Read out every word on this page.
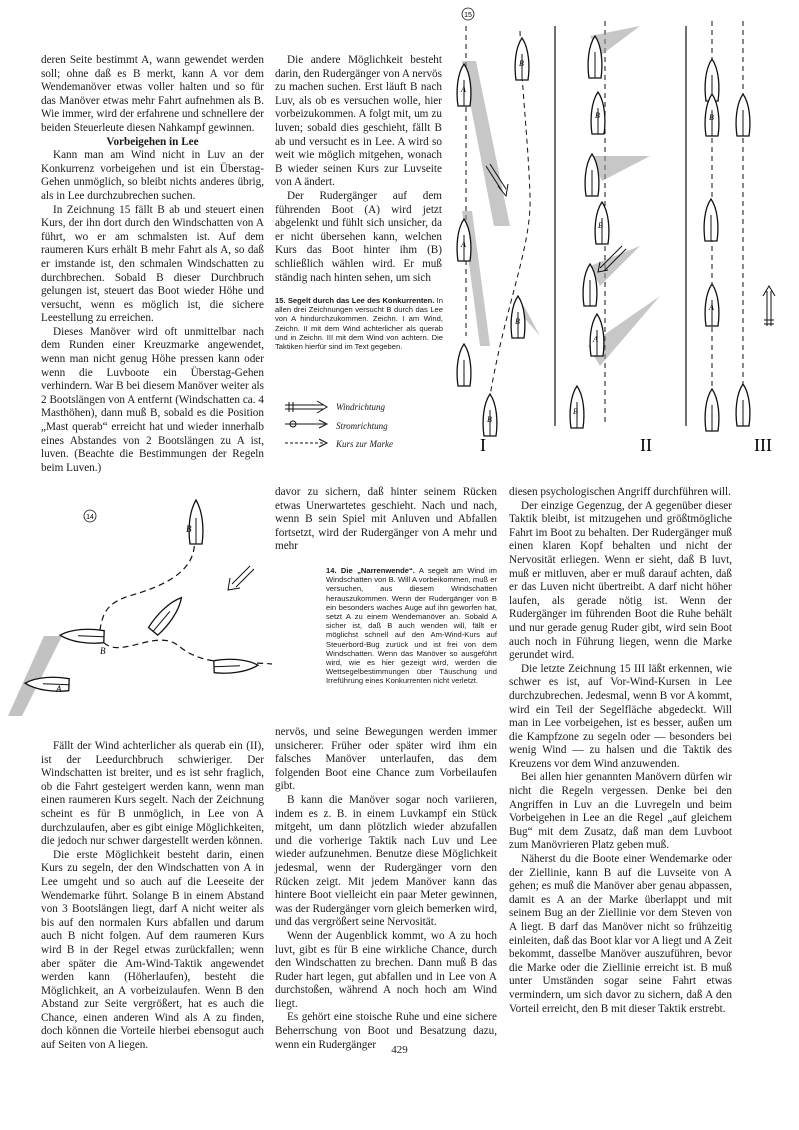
deren Seite bestimmt A, wann gewendet werden soll; ohne daß es B merkt, kann A vor dem Wendemanöver etwas voller halten und so für das Manöver etwas mehr Fahrt aufnehmen als B. Wie immer, wird der erfahrene und schnellere der beiden Steuerleute diesen Nahkampf gewinnen.

Vorbeigehen in Lee

Kann man am Wind nicht in Luv an der Konkurrenz vorbeigehen und ist ein Überstag-Gehen unmöglich, so bleibt nichts anderes übrig, als in Lee durchzubrechen suchen.

In Zeichnung 15 fällt B ab und steuert einen Kurs, der ihn dort durch den Windschatten von A führt, wo er am schmalsten ist. Auf dem raumeren Kurs erhält B mehr Fahrt als A, so daß er imstande ist, den schmalen Windschatten zu durchbrechen. Sobald B dieser Durchbruch gelungen ist, steuert das Boot wieder Höhe und versucht, wenn es möglich ist, die sichere Leestellung zu erreichen.

Dieses Manöver wird oft unmittelbar nach dem Runden einer Kreuzmarke angewendet, wenn man nicht genug Höhe pressen kann oder wenn die Luvboote ein Überstag-Gehen verhindern. War B bei diesem Manöver weiter als 2 Bootslängen von A entfernt (Windschatten ca. 4 Masthöhen), dann muß B, sobald es die Position „Mast querab“ erreicht hat und wieder innerhalb eines Abstandes von 2 Bootslängen zu A ist, luven. (Beachte die Bestimmungen der Regeln beim Luven.)

Die andere Möglichkeit besteht darin, den Rudergänger von A nervös zu machen suchen. Erst läuft B nach Luv, als ob es versuchen wolle, hier vorbeizukommen. A folgt mit, um zu luven; sobald dies geschieht, fällt B ab und versucht es in Lee. A wird so weit wie möglich mitgehen, wonach B wieder seinen Kurs zur Luvseite von A ändert.

Der Rudergänger auf dem führenden Boot (A) wird jetzt abgelenkt und fühlt sich unsicher, da er nicht übersehen kann, welchen Kurs das Boot hinter ihm (B) schließlich wählen wird. Er muß ständig nach hinten sehen, um sich

15. Segelt durch das Lee des Konkurrenten. In allen drei Zeichnungen versucht B durch das Lee von A hindurchzukommen. Zeichn. I am Wind, Zeichn. II mit dem Wind achterlicher als querab und in Zeichn. III mit dem Wind von achtern. Die Taktiken hierfür sind im Text gegeben.
Windrichtung
Stromrichtung
Kurs zur Marke
15
A
B
A
B
B
I
B
B
A
B
II
B
A
III
14
B
B
A

davor zu sichern, daß hinter seinem Rücken etwas Unerwartetes geschieht. Nach und nach, wenn B sein Spiel mit Anluven und Abfallen fortsetzt, wird der Rudergänger von A mehr und mehr

14. Die „Narrenwende“. A segelt am Wind im Windschatten von B. Will A vorbeikommen, muß er versuchen, aus diesem Windschatten herauszukommen. Wenn der Rudergänger von B ein besonders waches Auge auf ihn geworfen hat, setzt A zu einem Wendemanöver an. Sobald A sicher ist, daß B auch wenden will, fällt er möglichst schnell auf den Am-Wind-Kurs auf Steuerbord-Bug zurück und ist frei von dem Windschatten. Wenn das Manöver so ausgeführt wird, wie es hier gezeigt wird, werden die Wettsegelbestimmungen über Täuschung und Irreführung eines Konkurrenten nicht verletzt.

diesen psychologischen Angriff durchführen will.

Der einzige Gegenzug, der A gegenüber dieser Taktik bleibt, ist mitzugehen und größtmögliche Fahrt im Boot zu behalten. Der Rudergänger muß einen klaren Kopf behalten und nicht der Nervosität erliegen. Wenn er sieht, daß B luvt, muß er mitluven, aber er muß darauf achten, daß er das Luven nicht übertreibt. A darf nicht höher laufen, als gerade nötig ist. Wenn der Rudergänger im führenden Boot die Ruhe behält und nur gerade genug Ruder gibt, wird sein Boot auch noch in Führung liegen, wenn die Marke gerundet wird.

Die letzte Zeichnung 15 III läßt erkennen, wie schwer es ist, auf Vor-Wind-Kursen in Lee durchzubrechen. Jedesmal, wenn B vor A kommt, wird ein Teil der Segelfläche abgedeckt. Will man in Lee vorbeigehen, ist es besser, außen um die Kampfzone zu segeln oder — besonders bei wenig Wind — zu halsen und die Taktik des Kreuzens vor dem Wind anzuwenden.

Bei allen hier genannten Manövern dürfen wir nicht die Regeln vergessen. Denke bei den Angriffen in Luv an die Luvregeln und beim Vorbeigehen in Lee an die Regel „auf gleichem Bug“ mit dem Zusatz, daß man dem Luvboot zum Manövrieren Platz geben muß.

Näherst du die Boote einer Wendemarke oder der Ziellinie, kann B auf die Luvseite von A gehen; es muß die Manöver aber genau abpassen, damit es A an der Marke überlappt und mit seinem Bug an der Ziellinie vor dem Steven von A liegt. B darf das Manöver nicht so frühzeitig einleiten, daß das Boot klar vor A liegt und A Zeit bekommt, dasselbe Manöver auszuführen, bevor die Marke oder die Ziellinie erreicht ist. B muß unter Umständen sogar seine Fahrt etwas vermindern, um sich davor zu sichern, daß A den Vorteil erreicht, den B mit dieser Taktik erstrebt.

Fällt der Wind achterlicher als querab ein (II), ist der Leedurchbruch schwieriger. Der Windschatten ist breiter, und es ist sehr fraglich, ob die Fahrt gesteigert werden kann, wenn man einen raumeren Kurs segelt. Nach der Zeichnung scheint es für B unmöglich, in Lee von A durchzulaufen, aber es gibt einige Möglichkeiten, die jedoch nur schwer dargestellt werden können.

Die erste Möglichkeit besteht darin, einen Kurs zu segeln, der den Windschatten von A in Lee umgeht und so auch auf die Leeseite der Wendemarke führt. Solange B in einem Abstand von 3 Bootslängen liegt, darf A nicht weiter als bis auf den normalen Kurs abfallen und darum auch B nicht folgen. Auf dem raumeren Kurs wird B in der Regel etwas zurückfallen; wenn aber später die Am-Wind-Taktik angewendet werden kann (Höherlaufen), besteht die Möglichkeit, an A vorbeizulaufen. Wenn B den Abstand zur Seite vergrößert, hat es auch die Chance, einen anderen Wind als A zu finden, doch können die Vorteile hierbei ebensogut auch auf Seiten von A liegen.

nervös, und seine Bewegungen werden immer unsicherer. Früher oder später wird ihm ein falsches Manöver unterlaufen, das dem folgenden Boot eine Chance zum Vorbeilaufen gibt.

B kann die Manöver sogar noch variieren, indem es z. B. in einem Luvkampf ein Stück mitgeht, um dann plötzlich wieder abzufallen und die vorherige Taktik nach Luv und Lee wieder aufzunehmen. Benutze diese Möglichkeit jedesmal, wenn der Rudergänger vorn den Rücken zeigt. Mit jedem Manöver kann das hintere Boot vielleicht ein paar Meter gewinnen, was der Rudergänger vorn gleich bemerken wird, und das vergrößert seine Nervosität.

Wenn der Augenblick kommt, wo A zu hoch luvt, gibt es für B eine wirkliche Chance, durch den Windschatten zu brechen. Dann muß B das Ruder hart legen, gut abfallen und in Lee von A durchstoßen, während A noch hoch am Wind liegt.

Es gehört eine stoische Ruhe und eine sichere Beherrschung von Boot und Besatzung dazu, wenn ein Rudergänger	429
